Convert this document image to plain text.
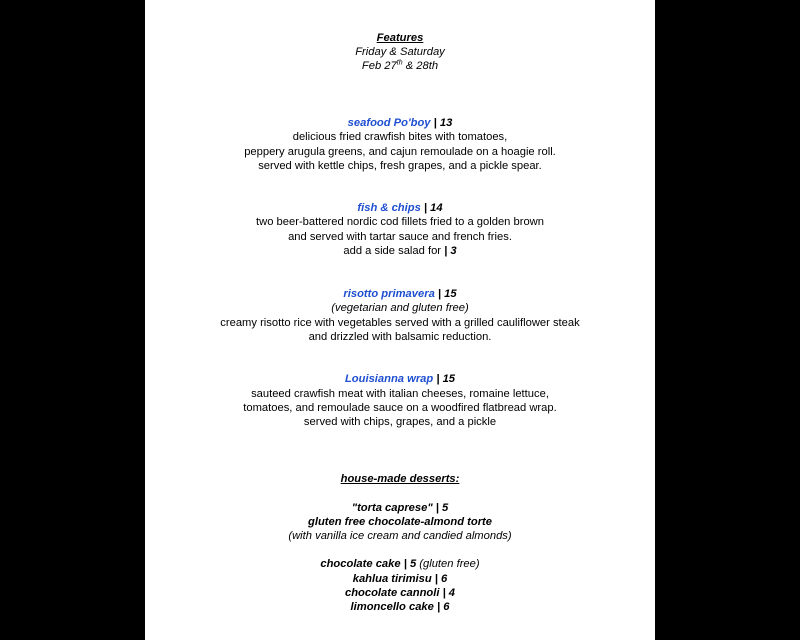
Features
Friday & Saturday
Feb 27th & 28th
seafood Po'boy | 13
delicious fried crawfish bites with tomatoes,
peppery arugula greens, and cajun remoulade on a hoagie roll.
served with kettle chips, fresh grapes, and a pickle spear.
fish & chips | 14
two beer-battered nordic cod fillets fried to a golden brown
and served with tartar sauce and french fries.
add a side salad for | 3
risotto primavera | 15
(vegetarian and gluten free)
creamy risotto rice with vegetables served with a grilled cauliflower steak
and drizzled with balsamic reduction.
Louisianna wrap | 15
sauteed crawfish meat with italian cheeses, romaine lettuce,
tomatoes, and remoulade sauce on a woodfired flatbread wrap.
served with chips, grapes, and a pickle
house-made desserts:
"torta caprese" | 5
gluten free chocolate-almond torte
(with vanilla ice cream and candied almonds)
chocolate cake | 5 (gluten free)
kahlua tirimisu | 6
chocolate cannoli | 4
limoncello cake | 6
